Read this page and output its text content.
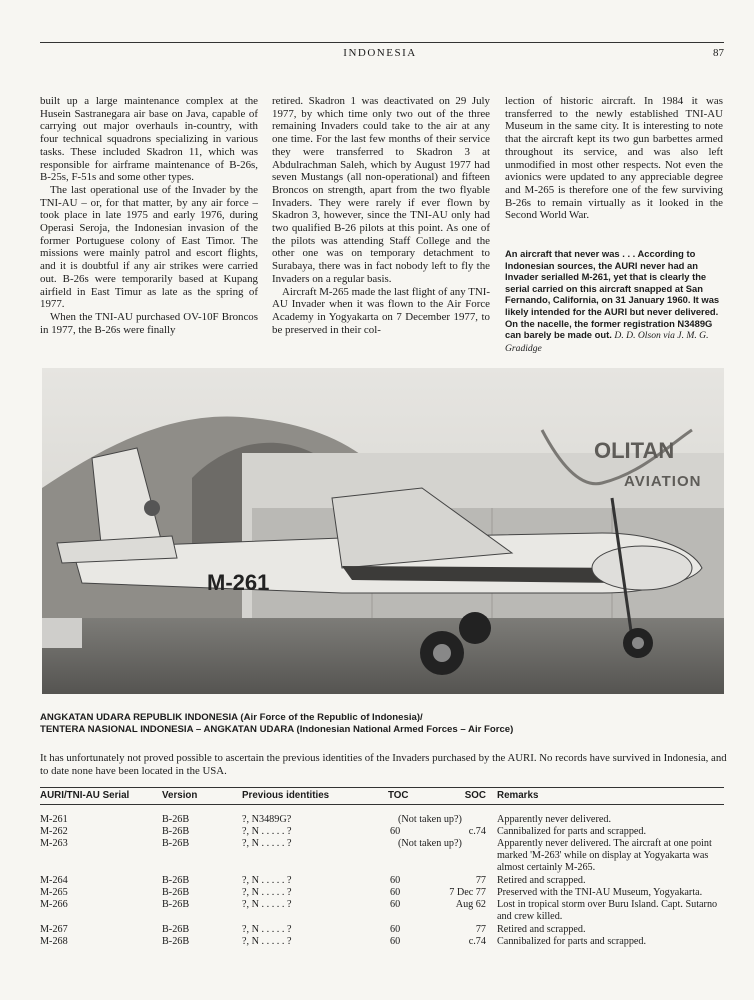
INDONESIA	87

built up a large maintenance complex at the Husein Sastranegara air base on Java, capable of carrying out major overhauls in-country, with four technical squadrons specializing in various tasks. These included Skadron 11, which was responsible for airframe maintenance of B-26s, B-25s, F-51s and some other types.

The last operational use of the Invader by the TNI-AU – or, for that matter, by any air force – took place in late 1975 and early 1976, during Operasi Seroja, the Indonesian invasion of the former Portuguese colony of East Timor. The missions were mainly patrol and escort flights, and it is doubtful if any air strikes were carried out. B-26s were temporarily based at Kupang airfield in East Timur as late as the spring of 1977.

When the TNI-AU purchased OV-10F Broncos in 1977, the B-26s were finally

retired. Skadron 1 was deactivated on 29 July 1977, by which time only two out of the three remaining Invaders could take to the air at any one time. For the last few months of their service they were transferred to Skadron 3 at Abdulrachman Saleh, which by August 1977 had seven Mustangs (all non-operational) and fifteen Broncos on strength, apart from the two flyable Invaders. They were rarely if ever flown by Skadron 3, however, since the TNI-AU only had two qualified B-26 pilots at this point. As one of the pilots was attending Staff College and the other one was on temporary detachment to Surabaya, there was in fact nobody left to fly the Invaders on a regular basis.

Aircraft M-265 made the last flight of any TNI-AU Invader when it was flown to the Air Force Academy in Yogyakarta on 7 December 1977, to be preserved in their col-

lection of historic aircraft. In 1984 it was transferred to the newly established TNI-AU Museum in the same city. It is interesting to note that the aircraft kept its two gun barbettes armed throughout its service, and was also left unmodified in most other respects. Not even the avionics were updated to any appreciable degree and M-265 is therefore one of the few surviving B-26s to remain virtually as it looked in the Second World War.

An aircraft that never was . . . According to Indonesian sources, the AURI never had an Invader serialled M-261, yet that is clearly the serial carried on this aircraft snapped at San Fernando, California, on 31 January 1960. It was likely intended for the AURI but never delivered. On the nacelle, the former registration N3489G can barely be made out. D. D. Olson via J. M. G. Gradidge
OLITAN
AVIATION
M-261
ANGKATAN UDARA REPUBLIK INDONESIA (Air Force of the Republic of Indonesia)/
TENTERA NASIONAL INDONESIA – ANGKATAN UDARA (Indonesian National Armed Forces – Air Force)
It has unfortunately not proved possible to ascertain the previous identities of the Invaders purchased by the AURI. No records have survived in Indonesia, and to date none have been located in the USA.
AURI/TNI-AU Serial	Version	Previous identities	TOC	SOC Remarks
M-261	B-26B	?, N3489G?	(Not taken up?)	Apparently never delivered.
M-262	B-26B	?, N . . . . . ?	60	c.74 Cannibalized for parts and scrapped.
M-263	B-26B	?, N . . . . . ?	(Not taken up?)	Apparently never delivered. The aircraft at one point marked 'M-263' while on display at Yogyakarta was almost certainly M-265.
M-264	B-26B	?, N . . . . . ?	60	77 Retired and scrapped.
M-265	B-26B	?, N . . . . . ?	60	7 Dec 77 Preserved with the TNI-AU Museum, Yogyakarta.
M-266	B-26B	?, N . . . . . ?	60	Aug 62 Lost in tropical storm over Buru Island. Capt. Sutarno and crew killed.
M-267	B-26B	?, N . . . . . ?	60	77 Retired and scrapped.
M-268	B-26B	?, N . . . . . ?	60	c.74 Cannibalized for parts and scrapped.
